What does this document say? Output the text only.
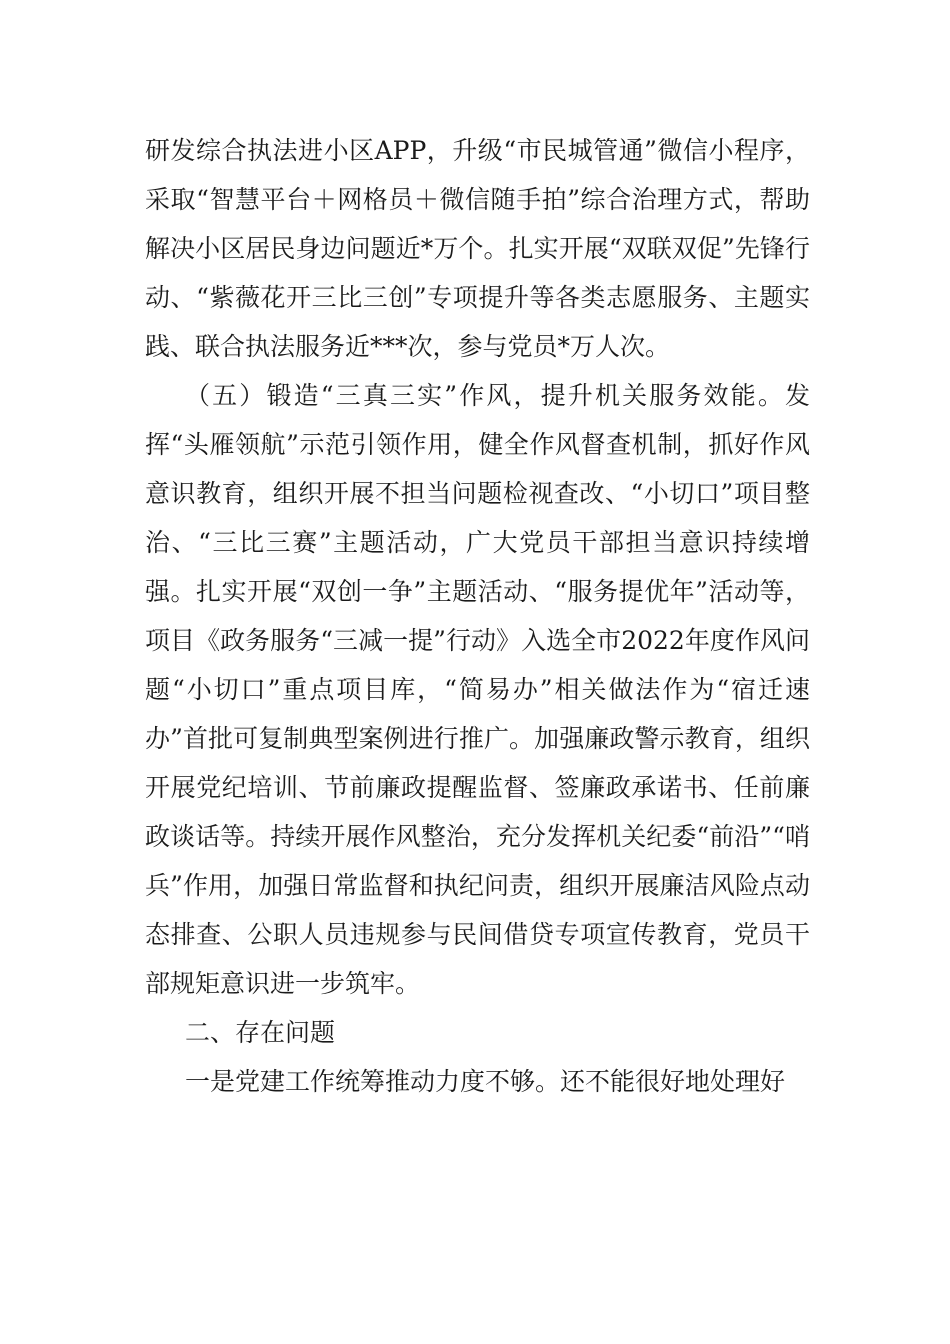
研发综合执法进小区APP，升级“市民城管通”微信小程序，采取“智慧平台＋网格员＋微信随手拍”综合治理方式，帮助解决小区居民身边问题近*万个。扎实开展“双联双促”先锋行动、“紫薇花开三比三创”专项提升等各类志愿服务、主题实践、联合执法服务近***次，参与党员*万人次。

（五）锻造“三真三实”作风，提升机关服务效能。发挥“头雁领航”示范引领作用，健全作风督查机制，抓好作风意识教育，组织开展不担当问题检视查改、“小切口”项目整治、“三比三赛”主题活动，广大党员干部担当意识持续增强。扎实开展“双创一争”主题活动、“服务提优年”活动等，项目《政务服务“三减一提”行动》入选全市2022年度作风问题“小切口”重点项目库，“简易办”相关做法作为“宿迁速办”首批可复制典型案例进行推广。加强廉政警示教育，组织开展党纪培训、节前廉政提醒监督、签廉政承诺书、任前廉政谈话等。持续开展作风整治，充分发挥机关纪委“前沿”“哨兵”作用，加强日常监督和执纪问责，组织开展廉洁风险点动态排查、公职人员违规参与民间借贷专项宣传教育，党员干部规矩意识进一步筑牢。

二、存在问题

一是党建工作统筹推动力度不够。还不能很好地处理好
